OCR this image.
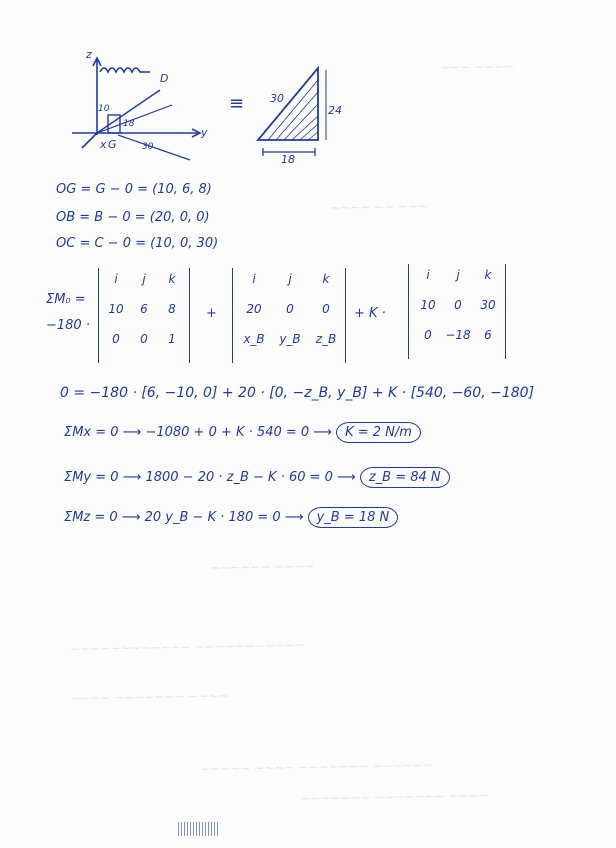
~~~ ~~~~
~~~~ ~~ ~~~
~~~~~~ ~~~~
~~~~~~~~~~~~ ~~~~~~~~~~~
~~~~ ~~~~~~~ ~~~~
~~~~~ ~~~~ ~~~~~~~ ~~~~~~
~~~~~~~ ~~~~~~~ ~~~~
z
y
x G
D
10
18
30
≡ 30
24
18
OG = G − 0 = (10, 6, 8)
OB = B − 0 = (20, 0, 0)
OC = C − 0 = (10, 0, 30)
ΣM₀ =
−180 ·
i	j	k
10	6	8
0	0	1
+
i	j	k
20	0	0
x_B y_B z_B
+ K ·
i	j	k
10	0	30
0	−18	6
0 = −180 · [6, −10, 0] + 20 · [0, −z_B, y_B] + K · [540, −60, −180]
ΣMx = 0 ⟶ −1080 + 0 + K · 540 = 0 ⟶ K = 2 N/m
ΣMy = 0 ⟶ 1800 − 20 · z_B − K · 60 = 0 ⟶ z_B = 84 N
ΣMz = 0 ⟶ 20 y_B − K · 180 = 0 ⟶ y_B = 18 N
